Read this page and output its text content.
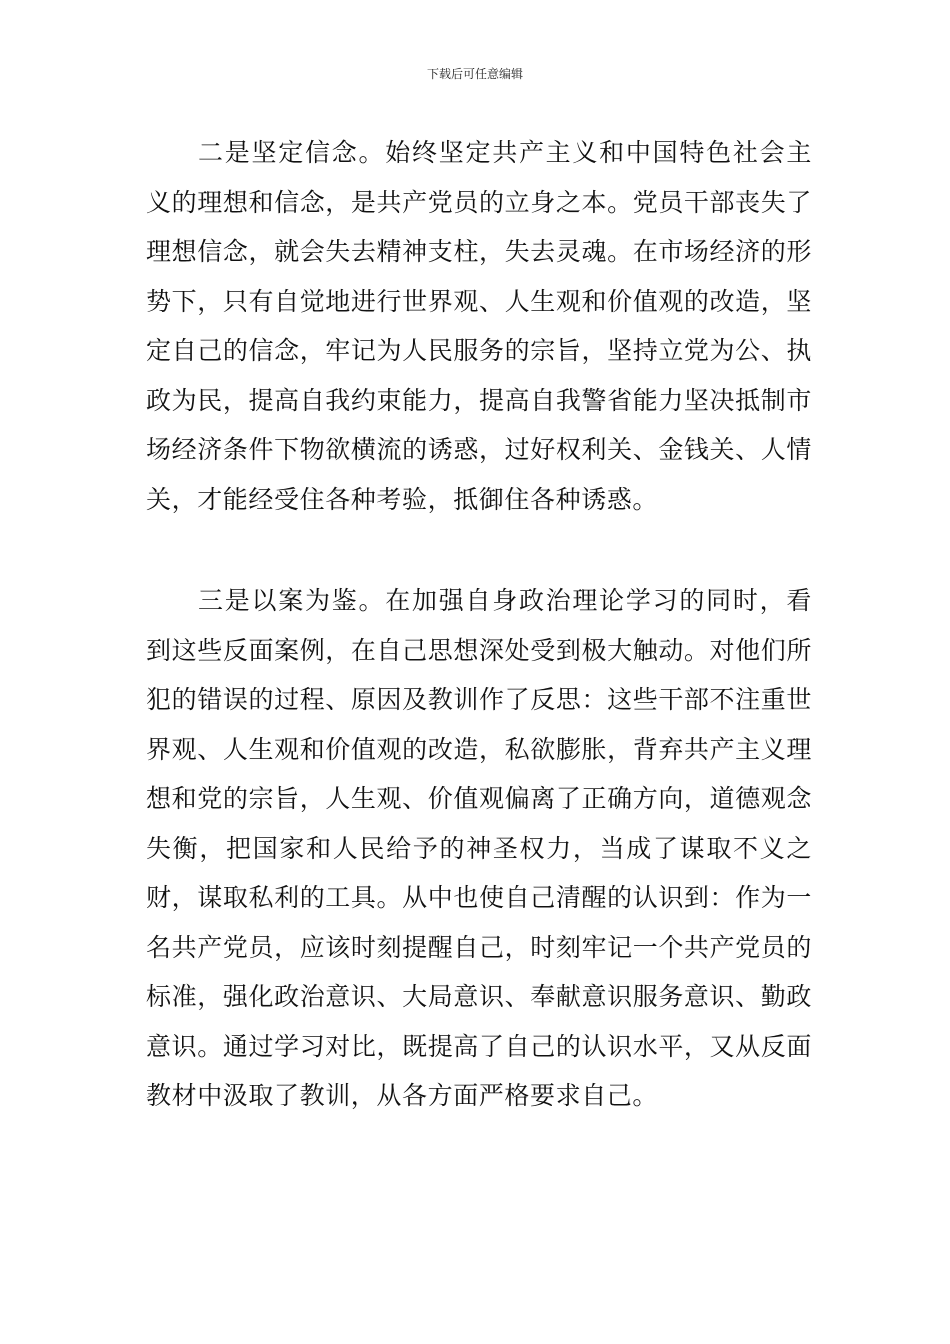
下载后可任意编辑

二是坚定信念。始终坚定共产主义和中国特色社会主义的理想和信念，是共产党员的立身之本。党员干部丧失了理想信念，就会失去精神支柱，失去灵魂。在市场经济的形势下，只有自觉地进行世界观、人生观和价值观的改造，坚定自己的信念，牢记为人民服务的宗旨，坚持立党为公、执政为民，提高自我约束能力，提高自我警省能力坚决抵制市场经济条件下物欲横流的诱惑，过好权利关、金钱关、人情关，才能经受住各种考验，抵御住各种诱惑。

三是以案为鉴。在加强自身政治理论学习的同时，看到这些反面案例，在自己思想深处受到极大触动。对他们所犯的错误的过程、原因及教训作了反思：这些干部不注重世界观、人生观和价值观的改造，私欲膨胀，背弃共产主义理想和党的宗旨，人生观、价值观偏离了正确方向，道德观念失衡，把国家和人民给予的神圣权力，当成了谋取不义之财，谋取私利的工具。从中也使自己清醒的认识到：作为一名共产党员，应该时刻提醒自己，时刻牢记一个共产党员的标准，强化政治意识、大局意识、奉献意识服务意识、勤政意识。通过学习对比，既提高了自己的认识水平，又从反面教材中汲取了教训，从各方面严格要求自己。
